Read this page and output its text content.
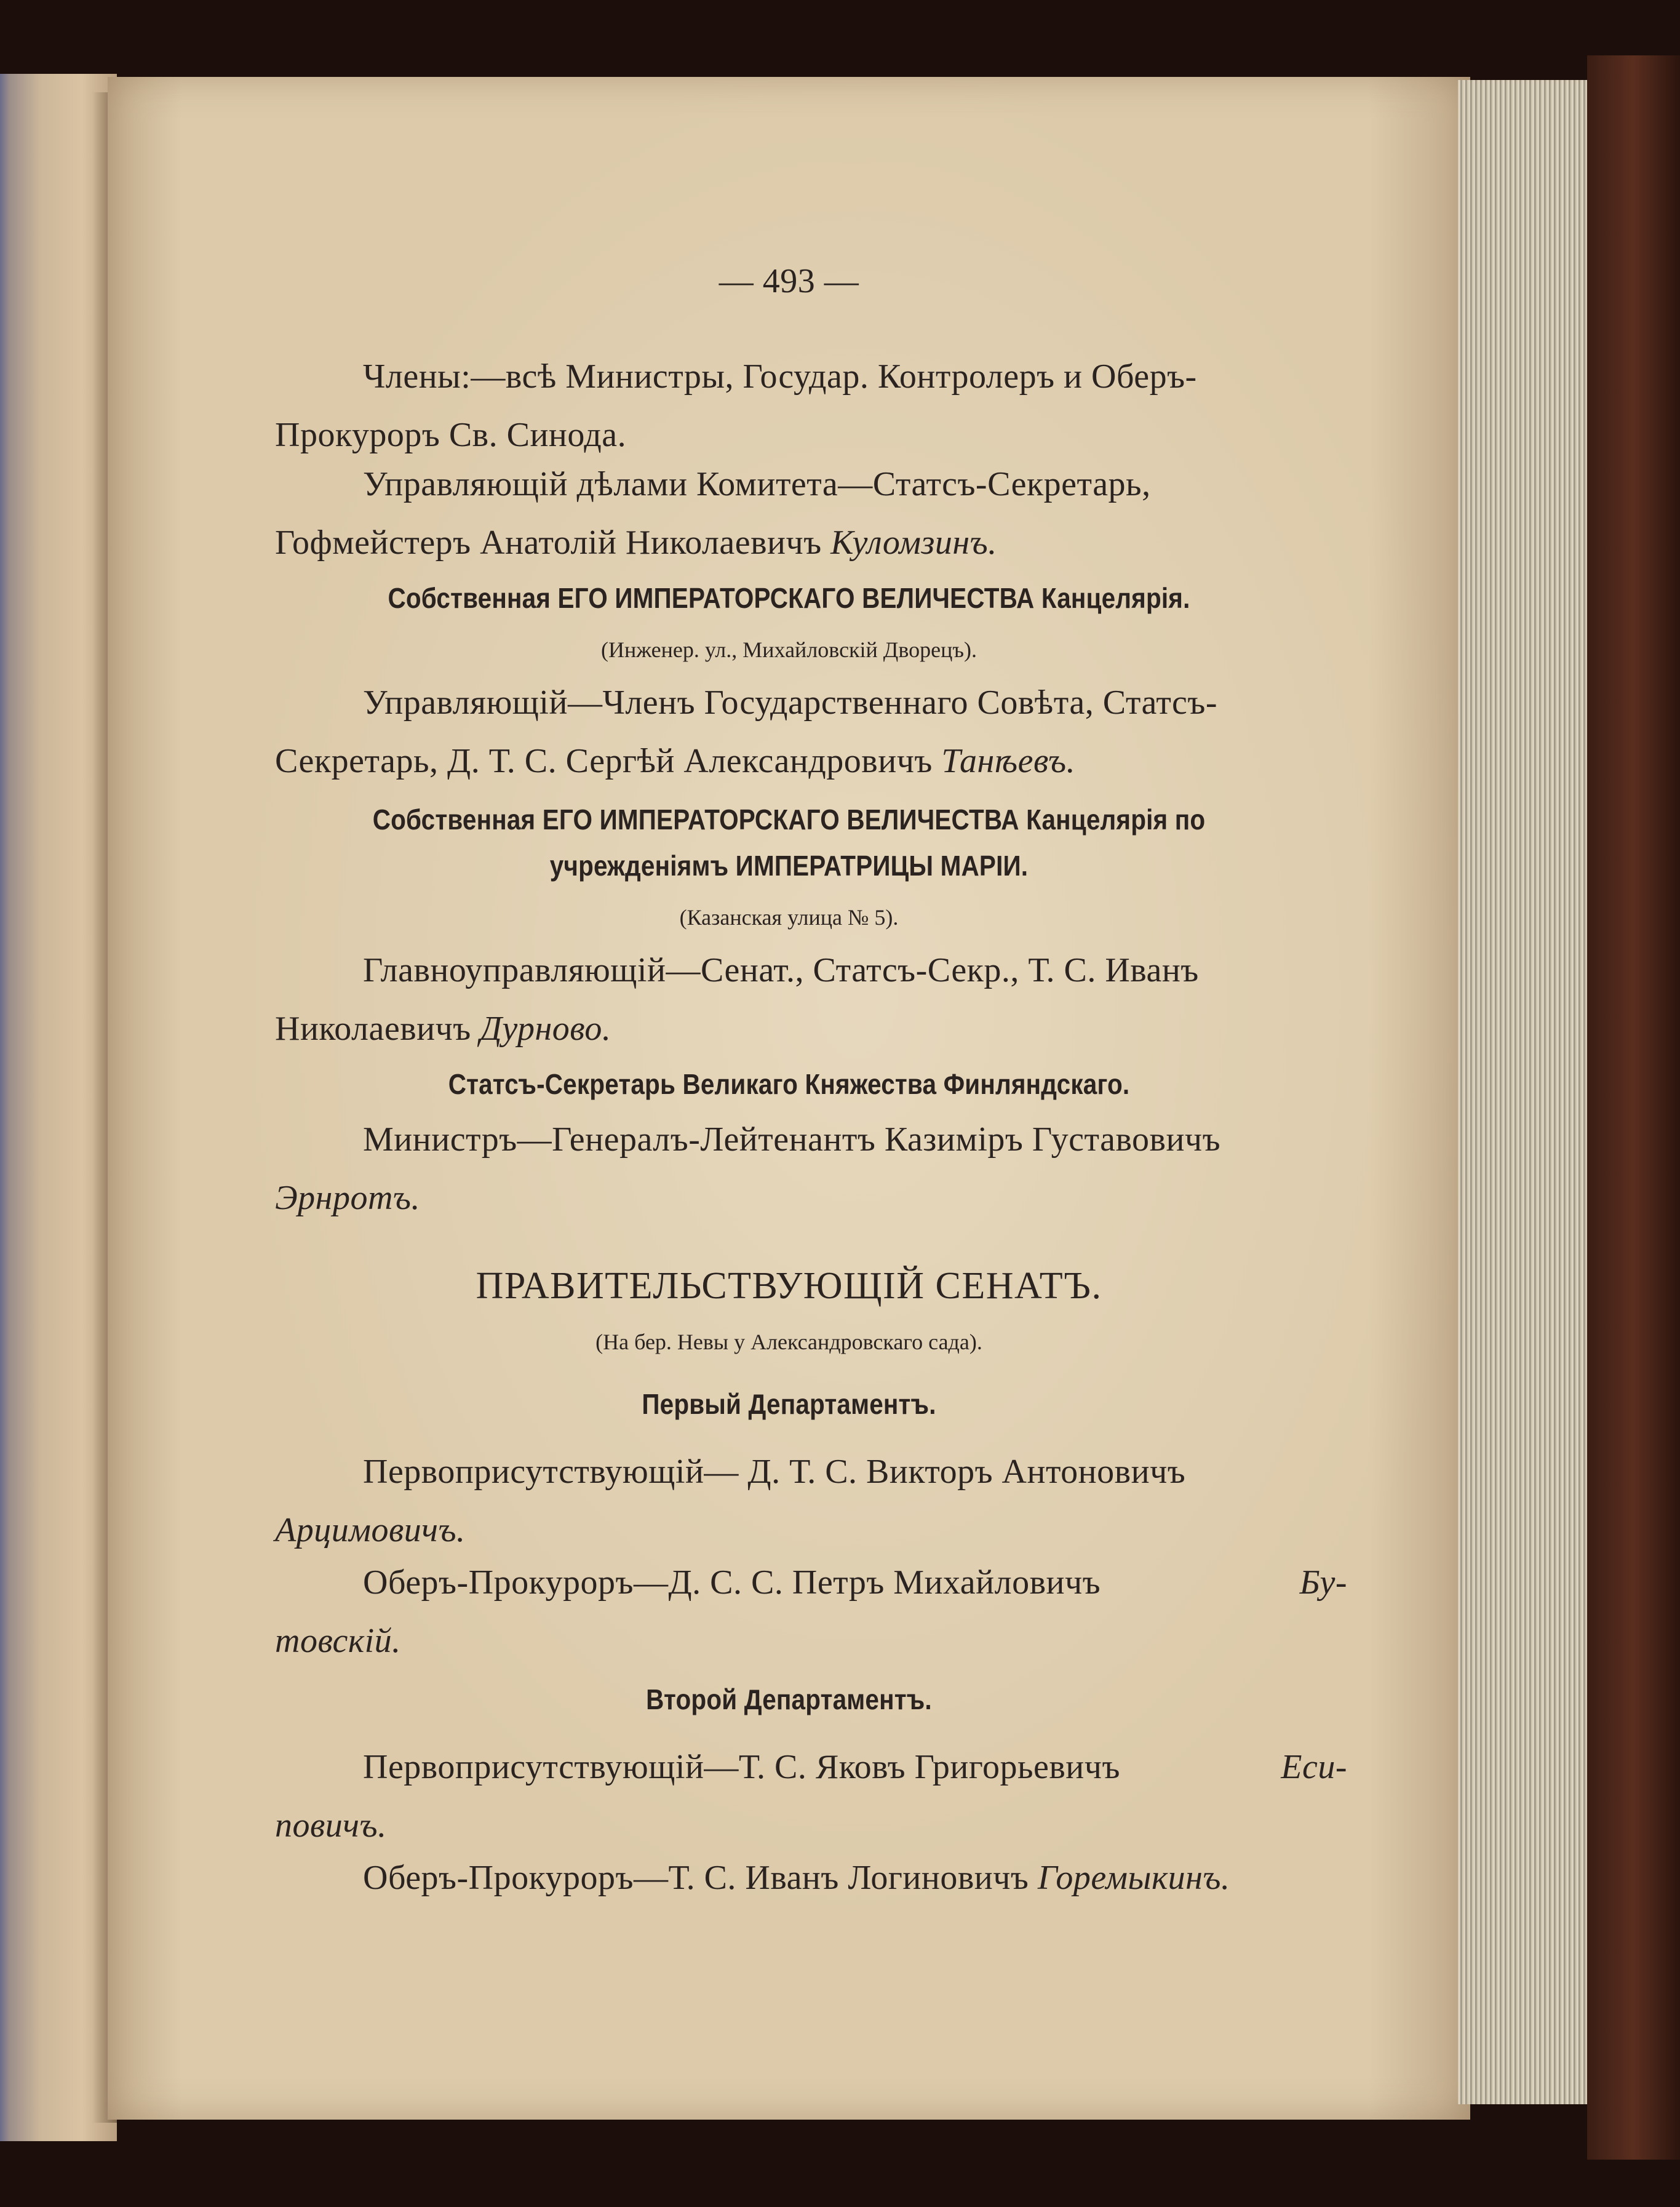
— 493 —
Члены:—всѣ Министры, Государ. Контролеръ и Оберъ-
Прокуроръ Св. Синода.
Управляющій дѣлами Комитета—Статсъ-Секретарь,
Гофмейстеръ Анатолій Николаевичъ Куломзинъ.
Собственная ЕГО ИМПЕРАТОРСКАГО ВЕЛИЧЕСТВА Канцелярія.
(Инженер. ул., Михайловскій Дворецъ).
Управляющій—Членъ Государственнаго Совѣта, Статсъ-
Секретарь, Д. Т. С. Сергѣй Александровичъ Танѣевъ.
Собственная ЕГО ИМПЕРАТОРСКАГО ВЕЛИЧЕСТВА Канцелярія по
учрежденіямъ ИМПЕРАТРИЦЫ МАРІИ.
(Казанская улица № 5).
Главноуправляющій—Сенат., Статсъ-Секр., Т. С. Иванъ
Николаевичъ Дурново.
Статсъ-Секретарь Великаго Княжества Финляндскаго.
Министръ—Генералъ-Лейтенантъ Казиміръ Густавовичъ
Эрнротъ.
ПРАВИТЕЛЬСТВУЮЩІЙ СЕНАТЪ.
(На бер. Невы у Александровскаго сада).
Первый Департаментъ.
Первоприсутствующій— Д. Т. С. Викторъ Антоновичъ
Арцимовичъ.
Оберъ-Прокуроръ—Д. С. С. Петръ Михайловичъ	Бу-
товскій.
Второй Департаментъ.
Первоприсутствующій—Т. С. Яковъ Григорьевичъ	Еси-
повичъ.
Оберъ-Прокуроръ—Т. С. Иванъ Логиновичъ Горемыкинъ.
